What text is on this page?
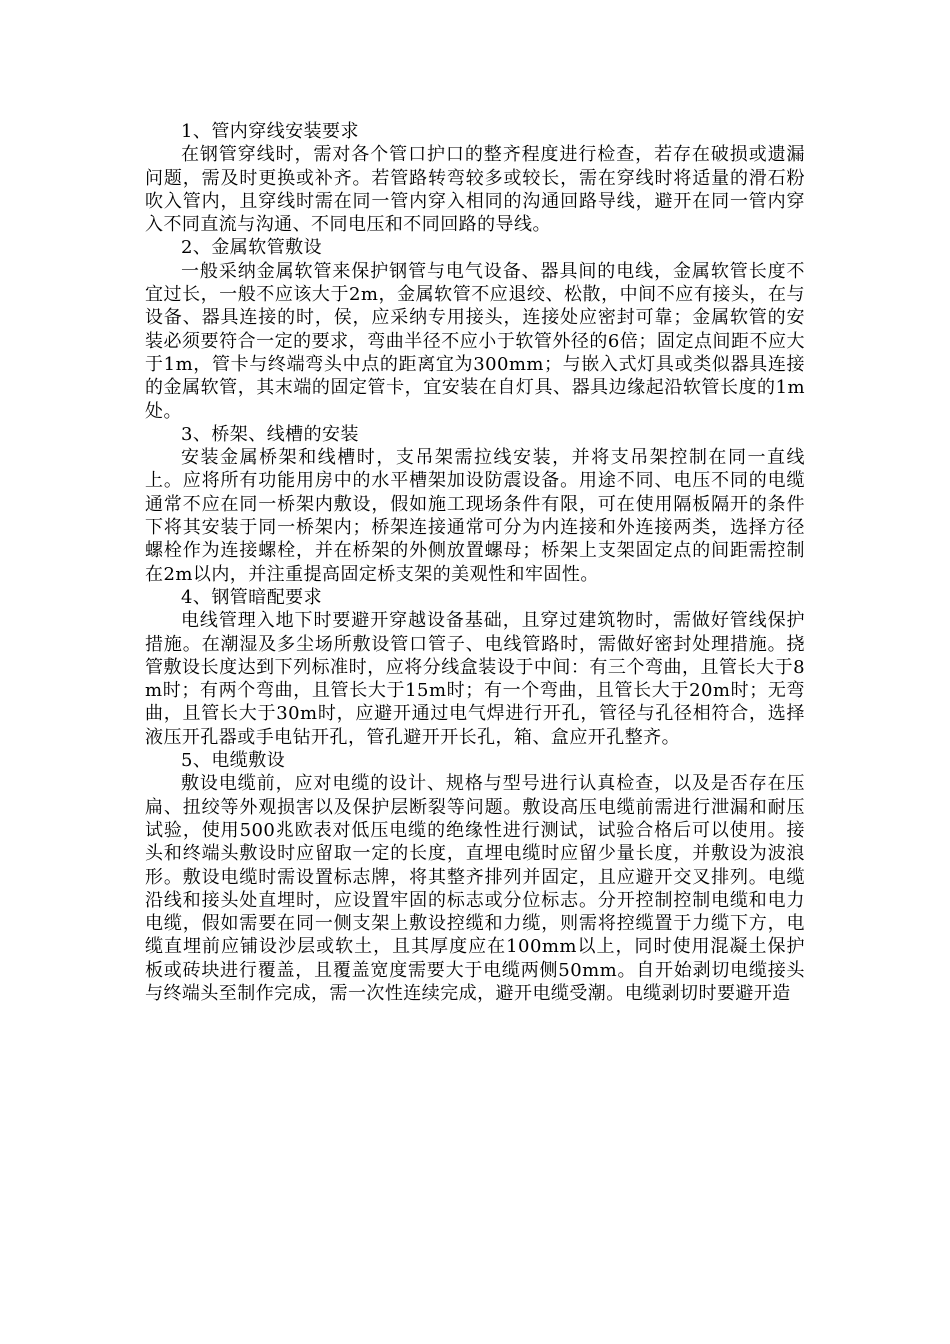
1、管内穿线安装要求

在钢管穿线时，需对各个管口护口的整齐程度进行检查，若存在破损或遗漏问题，需及时更换或补齐。若管路转弯较多或较长，需在穿线时将适量的滑石粉吹入管内，且穿线时需在同一管内穿入相同的沟通回路导线，避开在同一管内穿入不同直流与沟通、不同电压和不同回路的导线。

2、金属软管敷设

一般采纳金属软管来保护钢管与电气设备、器具间的电线，金属软管长度不宜过长，一般不应该大于2m，金属软管不应退绞、松散，中间不应有接头，在与设备、器具连接的时，侯，应采纳专用接头，连接处应密封可靠；金属软管的安装必须要符合一定的要求，弯曲半径不应小于软管外径的6倍；固定点间距不应大于1m，管卡与终端弯头中点的距离宜为300mm；与嵌入式灯具或类似器具连接的金属软管，其末端的固定管卡，宜安装在自灯具、器具边缘起沿软管长度的1m处。

3、桥架、线槽的安装

安装金属桥架和线槽时，支吊架需拉线安装，并将支吊架控制在同一直线上。应将所有功能用房中的水平槽架加设防震设备。用途不同、电压不同的电缆通常不应在同一桥架内敷设，假如施工现场条件有限，可在使用隔板隔开的条件下将其安装于同一桥架内；桥架连接通常可分为内连接和外连接两类，选择方径螺栓作为连接螺栓，并在桥架的外侧放置螺母；桥架上支架固定点的间距需控制在2m以内，并注重提高固定桥支架的美观性和牢固性。

4、钢管暗配要求

电线管理入地下时要避开穿越设备基础，且穿过建筑物时，需做好管线保护措施。在潮湿及多尘场所敷设管口管子、电线管路时，需做好密封处理措施。挠管敷设长度达到下列标准时，应将分线盒装设于中间：有三个弯曲，且管长大于8m时；有两个弯曲，且管长大于15m时；有一个弯曲，且管长大于20m时；无弯曲，且管长大于30m时，应避开通过电气焊进行开孔，管径与孔径相符合，选择液压开孔器或手电钻开孔，管孔避开开长孔，箱、盒应开孔整齐。

5、电缆敷设

敷设电缆前，应对电缆的设计、规格与型号进行认真检查，以及是否存在压扁、扭绞等外观损害以及保护层断裂等问题。敷设高压电缆前需进行泄漏和耐压试验，使用500兆欧表对低压电缆的绝缘性进行测试，试验合格后可以使用。接头和终端头敷设时应留取一定的长度，直埋电缆时应留少量长度，并敷设为波浪形。敷设电缆时需设置标志牌，将其整齐排列并固定，且应避开交叉排列。电缆沿线和接头处直埋时，应设置牢固的标志或分位标志。分开控制控制电缆和电力电缆，假如需要在同一侧支架上敷设控缆和力缆，则需将控缆置于力缆下方，电缆直埋前应铺设沙层或软土，且其厚度应在100mm以上，同时使用混凝土保护板或砖块进行覆盖，且覆盖宽度需要大于电缆两侧50mm。自开始剥切电缆接头与终端头至制作完成，需一次性连续完成，避开电缆受潮。电缆剥切时要避开造
